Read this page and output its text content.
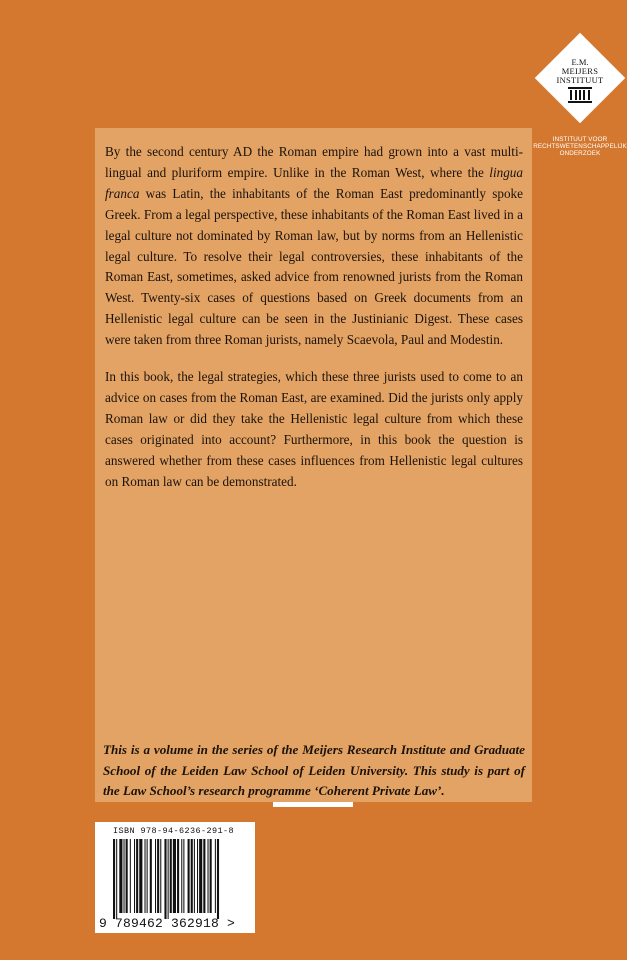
E.M.
MEIJERS
INSTITUUT
INSTITUUT VOOR
RECHTSWETENSCHAPPELIJK
ONDERZOEK

By the second century AD the Roman empire had grown into a vast multi-lingual and pluriform empire. Unlike in the Roman West, where the lingua franca was Latin, the inhabitants of the Roman East predominantly spoke Greek. From a legal perspective, these inhabitants of the Roman East lived in a legal culture not dominated by Roman law, but by norms from an Hellenistic legal culture. To resolve their legal controversies, these inhabitants of the Roman East, sometimes, asked advice from renowned jurists from the Roman West. Twenty-six cases of questions based on Greek documents from an Hellenistic legal culture can be seen in the Justinianic Digest. These cases were taken from three Roman jurists, namely Scaevola, Paul and Modestin.

In this book, the legal strategies, which these three jurists used to come to an advice on cases from the Roman East, are examined. Did the jurists only apply Roman law or did they take the Hellenistic legal culture from which these cases originated into account? Furthermore, in this book the question is answered whether from these cases influences from Hellenistic legal cultures on Roman law can be demonstrated.

This is a volume in the series of the Meijers Research Institute and Graduate School of the Leiden Law School of Leiden University. This study is part of the Law School’s research programme ‘Coherent Private Law’.

ISBN 978-94-6236-291-8
9 789462 362918 >
